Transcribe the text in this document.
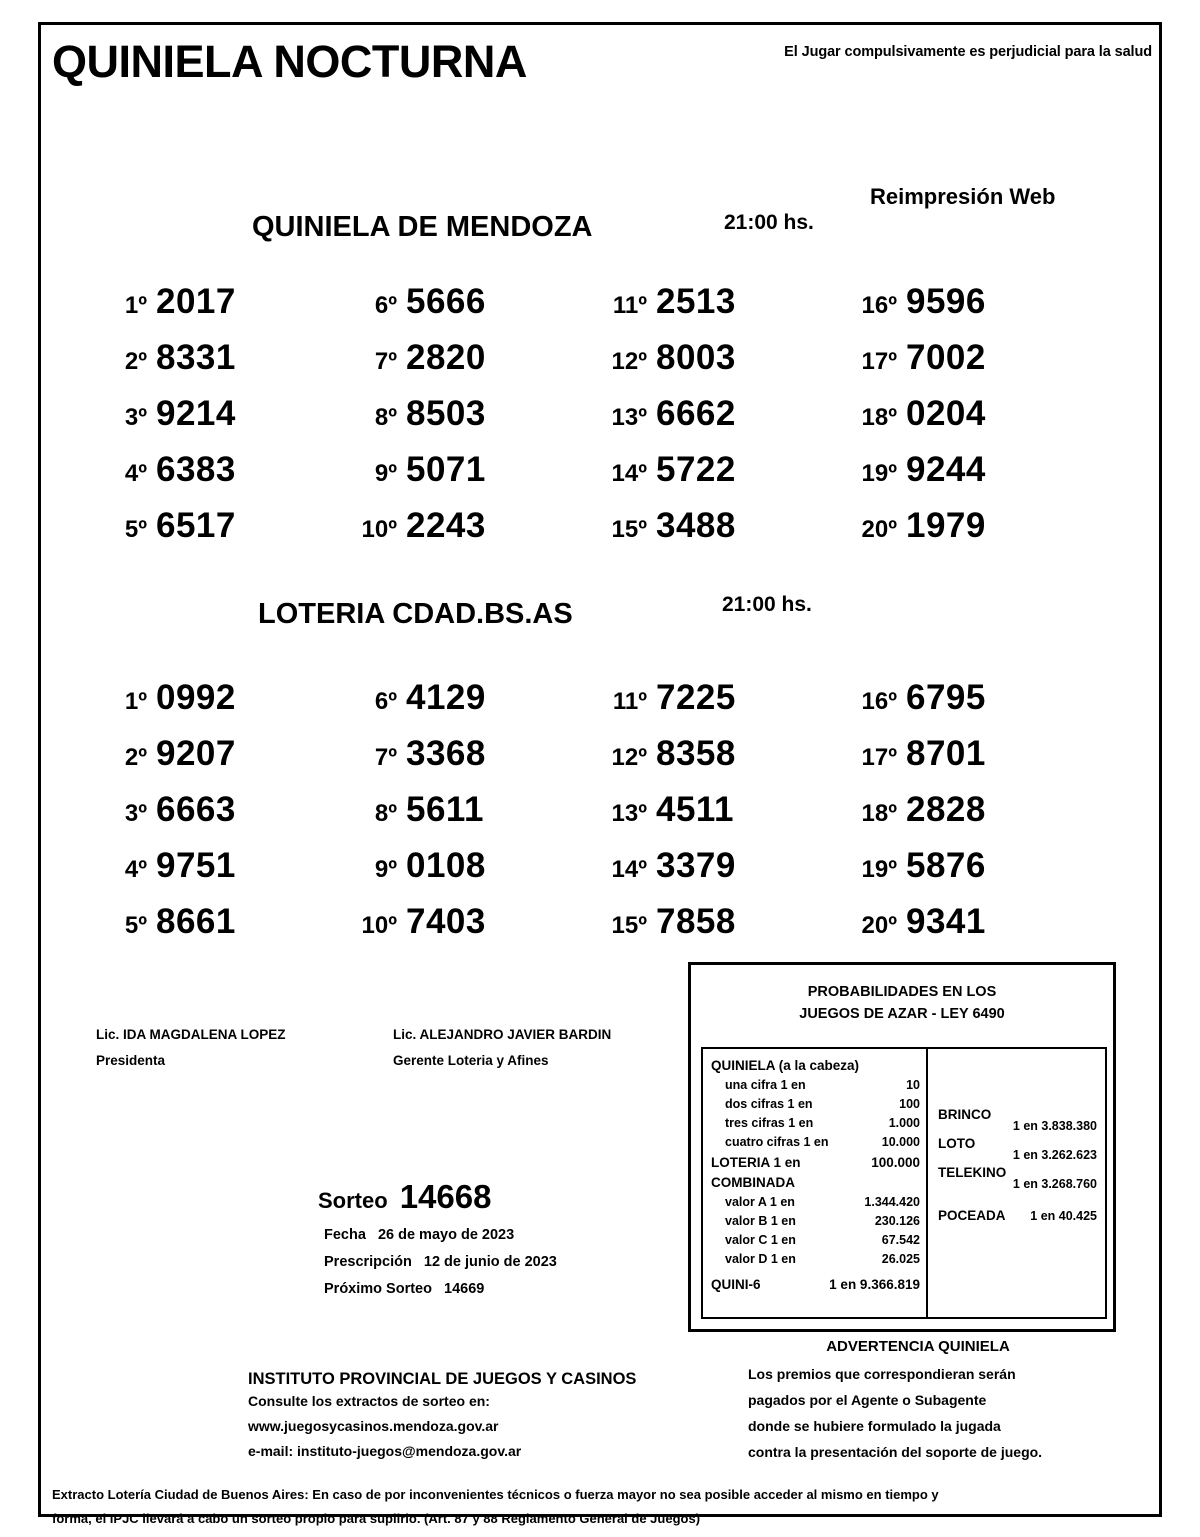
QUINIELA NOCTURNA	El Jugar compulsivamente es perjudicial para la salud
Reimpresión Web
QUINIELA DE MENDOZA	21:00 hs.
1º 2017	6º 5666	11º 2513	16º 9596
2º 8331	7º 2820	12º 8003	17º 7002
3º 9214	8º 8503	13º 6662	18º 0204
4º 6383	9º 5071	14º 5722	19º 9244
5º 6517	10º 2243	15º 3488	20º 1979
LOTERIA CDAD.BS.AS	21:00 hs.
1º 0992	6º 4129	11º 7225	16º 6795
2º 9207	7º 3368	12º 8358	17º 8701
3º 6663	8º 5611	13º 4511	18º 2828
4º 9751	9º 0108	14º 3379	19º 5876
5º 8661	10º 7403	15º 7858	20º 9341
Lic. IDA MAGDALENA LOPEZ
Presidenta
Lic. ALEJANDRO JAVIER BARDIN
Gerente Loteria y Afines
Sorteo 14668
Fecha 26 de mayo de 2023
Prescripción 12 de junio de 2023
Próximo Sorteo 14669
PROBABILIDADES EN LOS
JUEGOS DE AZAR - LEY 6490
QUINIELA (a la cabeza)
una cifra 1 en	10
dos cifras 1 en	100
tres cifras 1 en	1.000
cuatro cifras 1 en	10.000
LOTERIA 1 en	100.000
COMBINADA
valor A 1 en	1.344.420
valor B 1 en	230.126
valor C 1 en	67.542
valor D 1 en	26.025
QUINI-6	1 en 9.366.819
BRINCO
1 en 3.838.380
LOTO
1 en 3.262.623
TELEKINO
1 en 3.268.760
POCEADA 1 en 40.425
INSTITUTO PROVINCIAL DE JUEGOS Y CASINOS
Consulte los extractos de sorteo en:
www.juegosycasinos.mendoza.gov.ar
e-mail: instituto-juegos@mendoza.gov.ar
ADVERTENCIA QUINIELA
Los premios que correspondieran serán
pagados por el Agente o Subagente
donde se hubiere formulado la jugada
contra la presentación del soporte de juego.
Extracto Lotería Ciudad de Buenos Aires: En caso de por inconvenientes técnicos o fuerza mayor no sea posible acceder al mismo en tiempo y
forma, el IPJC llevará a cabo un sorteo propio para suplirlo. (Art. 87 y 88 Reglamento General de Juegos)
